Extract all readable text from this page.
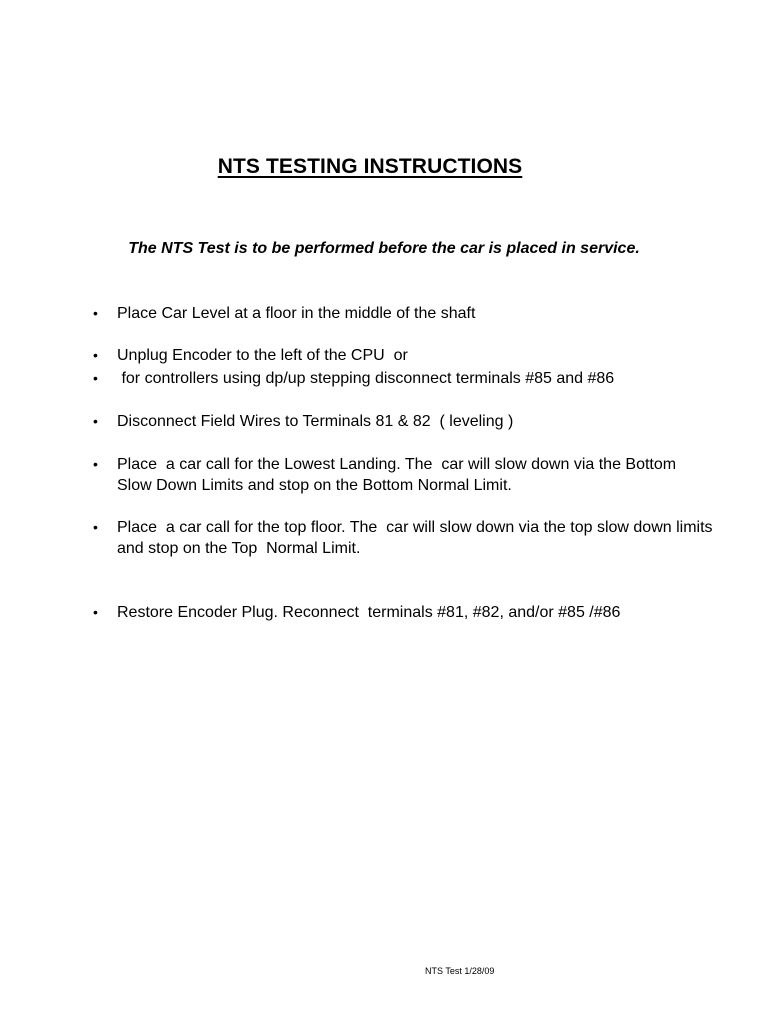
NTS TESTING INSTRUCTIONS
The NTS Test is to be performed before the car is placed in service.
•	Place Car Level at a floor in the middle of the shaft
•	Unplug Encoder to the left of the CPU  or
•	for controllers using dp/up stepping disconnect terminals #85 and #86
•	Disconnect Field Wires to Terminals 81 & 82  ( leveling )
•	Place  a car call for the Lowest Landing. The  car will slow down via the Bottom Slow Down Limits and stop on the Bottom Normal Limit.
•	Place  a car call for the top floor. The  car will slow down via the top slow down limits and stop on the Top  Normal Limit.
•	Restore Encoder Plug. Reconnect  terminals #81, #82, and/or #85 /#86
NTS Test 1/28/09
